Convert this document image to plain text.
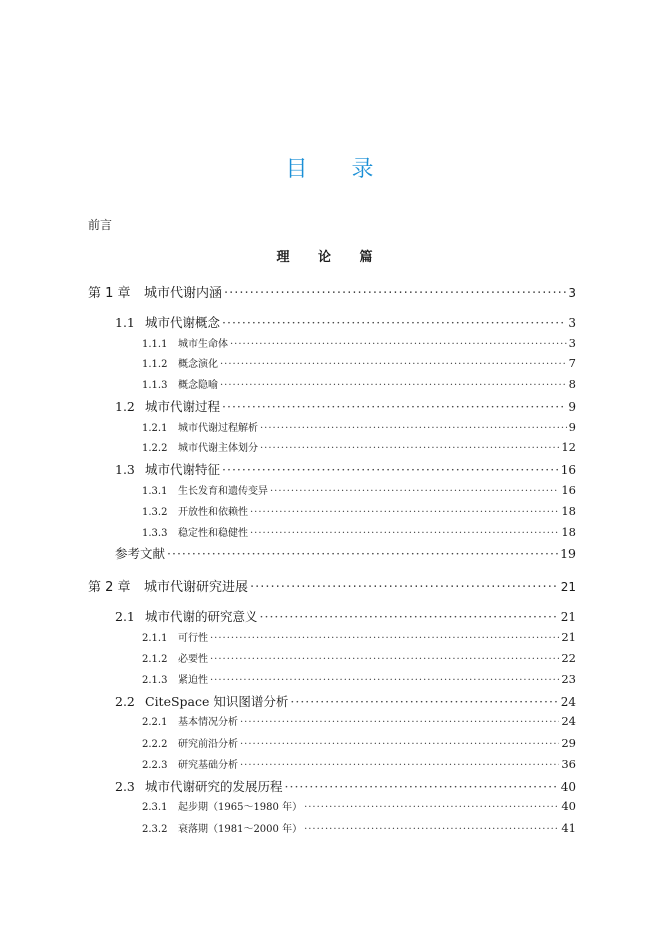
目 录
前言
理 论 篇
第 1 章	城市代谢内涵 ·····	3
1.1 城市代谢概念 ·····	3
1.1.1	城市生命体 ·····	3
1.1.2	概念演化 ·····	7
1.1.3	概念隐喻 ·····	8
1.2 城市代谢过程 ·····	9
1.2.1	城市代谢过程解析 ·····	9
1.2.2	城市代谢主体划分 ·····	12
1.3 城市代谢特征 ·····	16
1.3.1	生长发育和遗传变异 ·····	16
1.3.2	开放性和依赖性 ·····	18
1.3.3	稳定性和稳健性 ·····	18
参考文献 ·····	19
第 2 章	城市代谢研究进展 ·····	21
2.1 城市代谢的研究意义 ·····	21
2.1.1	可行性 ·····	21
2.1.2	必要性 ·····	22
2.1.3	紧迫性 ·····	23
2.2 CiteSpace 知识图谱分析 ·····	24
2.2.1	基本情况分析 ·····	24
2.2.2	研究前沿分析 ·····	29
2.2.3	研究基础分析 ·····	36
2.3 城市代谢研究的发展历程 ·····	40
2.3.1	起步期（1965～1980 年） ·····	40
2.3.2	衰落期（1981～2000 年） ·····	41
